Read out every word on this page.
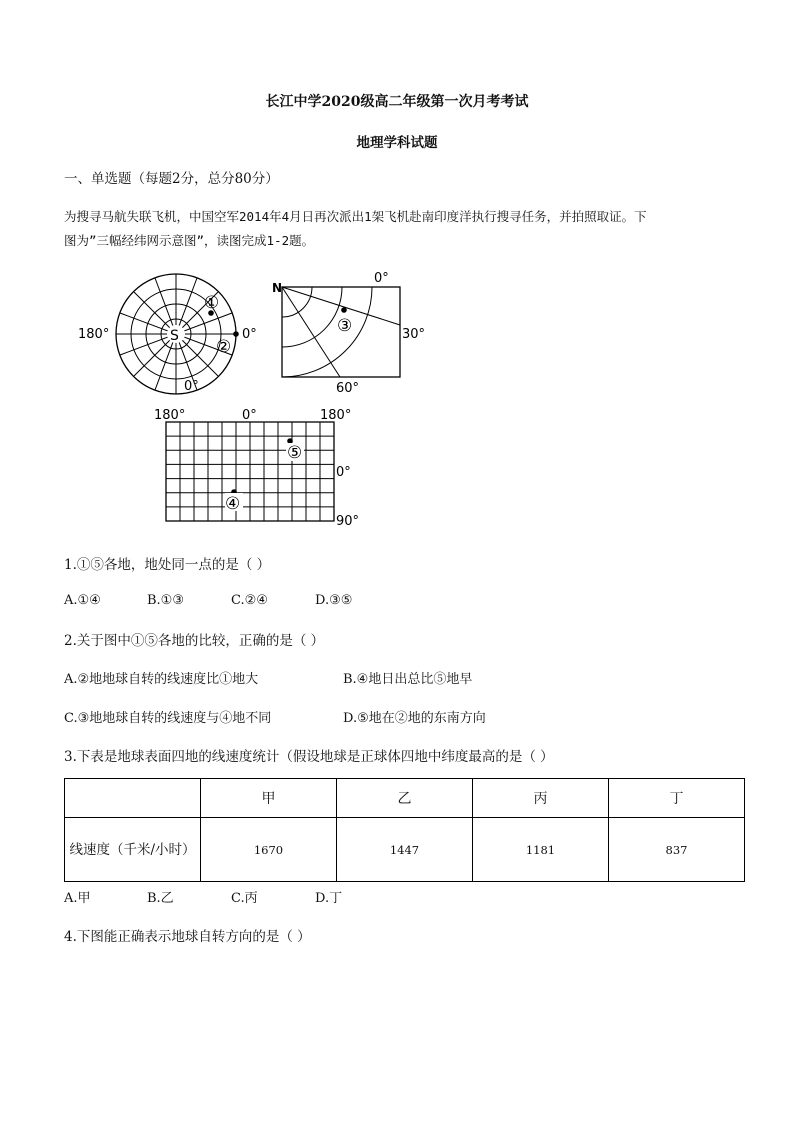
长江中学2020级高二年级第一次月考考试
地理学科试题
一、单选题（每题2分，总分80分）
为搜寻马航失联飞机，中国空军2014年4月日再次派出1架飞机赴南印度洋执行搜寻任务，并拍照取证。下
图为”三幅经纬网示意图”，读图完成1-2题。
S
①
②
180°	0°
0°
③
N
0°
30°
60°
⑤
④
180°	0°	180°
0°
90°
1.①⑤各地，地处同一点的是（ ）
A.①④	B.①③	C.②④	D.③⑤
2.关于图中①⑤各地的比较，正确的是（ ）
A.②地地球自转的线速度比①地大	B.④地日出总比⑤地早
C.③地地球自转的线速度与④地不同	D.⑤地在②地的东南方向
3.下表是地球表面四地的线速度统计（假设地球是正球体四地中纬度最高的是（ ）
	甲	乙	丙	丁
线速度（千米/小时）	1670	1447	1181	837
A.甲	B.乙	C.丙	D.丁
4.下图能正确表示地球自转方向的是（ ）
